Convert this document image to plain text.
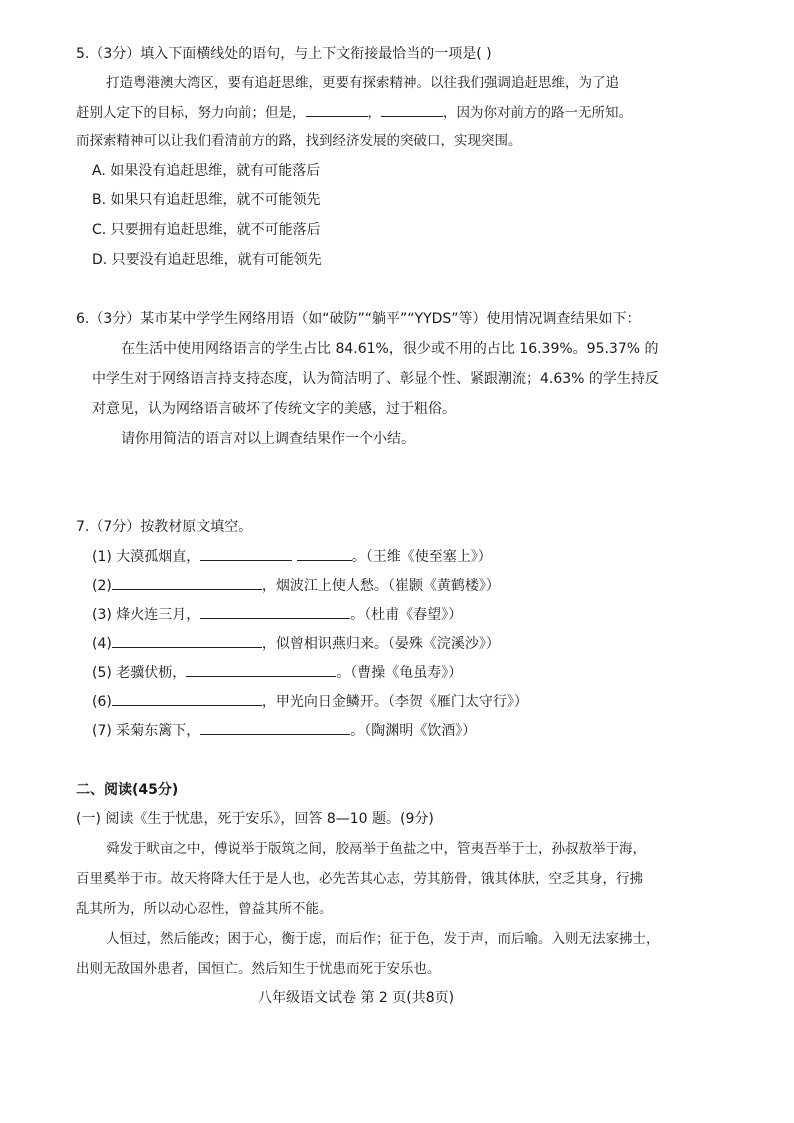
5.（3分）填入下面横线处的语句，与上下文衔接最恰当的一项是( )
打造粤港澳大湾区，要有追赶思维，更要有探索精神。以往我们强调追赶思维，为了追
赶别人定下的目标，努力向前；但是，	，	，因为你对前方的路一无所知。
而探索精神可以让我们看清前方的路，找到经济发展的突破口，实现突围。
A. 如果没有追赶思维，就有可能落后
B. 如果只有追赶思维，就不可能领先
C. 只要拥有追赶思维，就不可能落后
D. 只要没有追赶思维，就有可能领先
6.（3分）某市某中学学生网络用语（如“破防”“躺平”“YYDS”等）使用情况调查结果如下：
在生活中使用网络语言的学生占比 84.61%，很少或不用的占比 16.39%。95.37% 的
中学生对于网络语言持支持态度，认为简洁明了、彰显个性、紧跟潮流；4.63% 的学生持反
对意见，认为网络语言破坏了传统文字的美感，过于粗俗。
请你用简洁的语言对以上调查结果作一个小结。
7.（7分）按教材原文填空。
(1) 大漠孤烟直，	。（王维《使至塞上》）
(2)	，烟波江上使人愁。（崔颢《黄鹤楼》）
(3) 烽火连三月，	。（杜甫《春望》）
(4)	，似曾相识燕归来。（晏殊《浣溪沙》）
(5) 老骥伏枥，	。（曹操《龟虽寿》）
(6)	，甲光向日金鳞开。（李贺《雁门太守行》）
(7) 采菊东篱下，	。（陶渊明《饮酒》）
二、阅读(45分)
(一) 阅读《生于忧患，死于安乐》，回答 8—10 题。(9分)
舜发于畎亩之中，傅说举于版筑之间，胶鬲举于鱼盐之中，管夷吾举于士，孙叔敖举于海，
百里奚举于市。故天将降大任于是人也，必先苦其心志，劳其筋骨，饿其体肤，空乏其身，行拂
乱其所为，所以动心忍性，曾益其所不能。
人恒过，然后能改；困于心，衡于虑，而后作；征于色，发于声，而后喻。入则无法家拂士，
出则无敌国外患者，国恒亡。然后知生于忧患而死于安乐也。
八年级语文试卷 第 2 页(共8页)
